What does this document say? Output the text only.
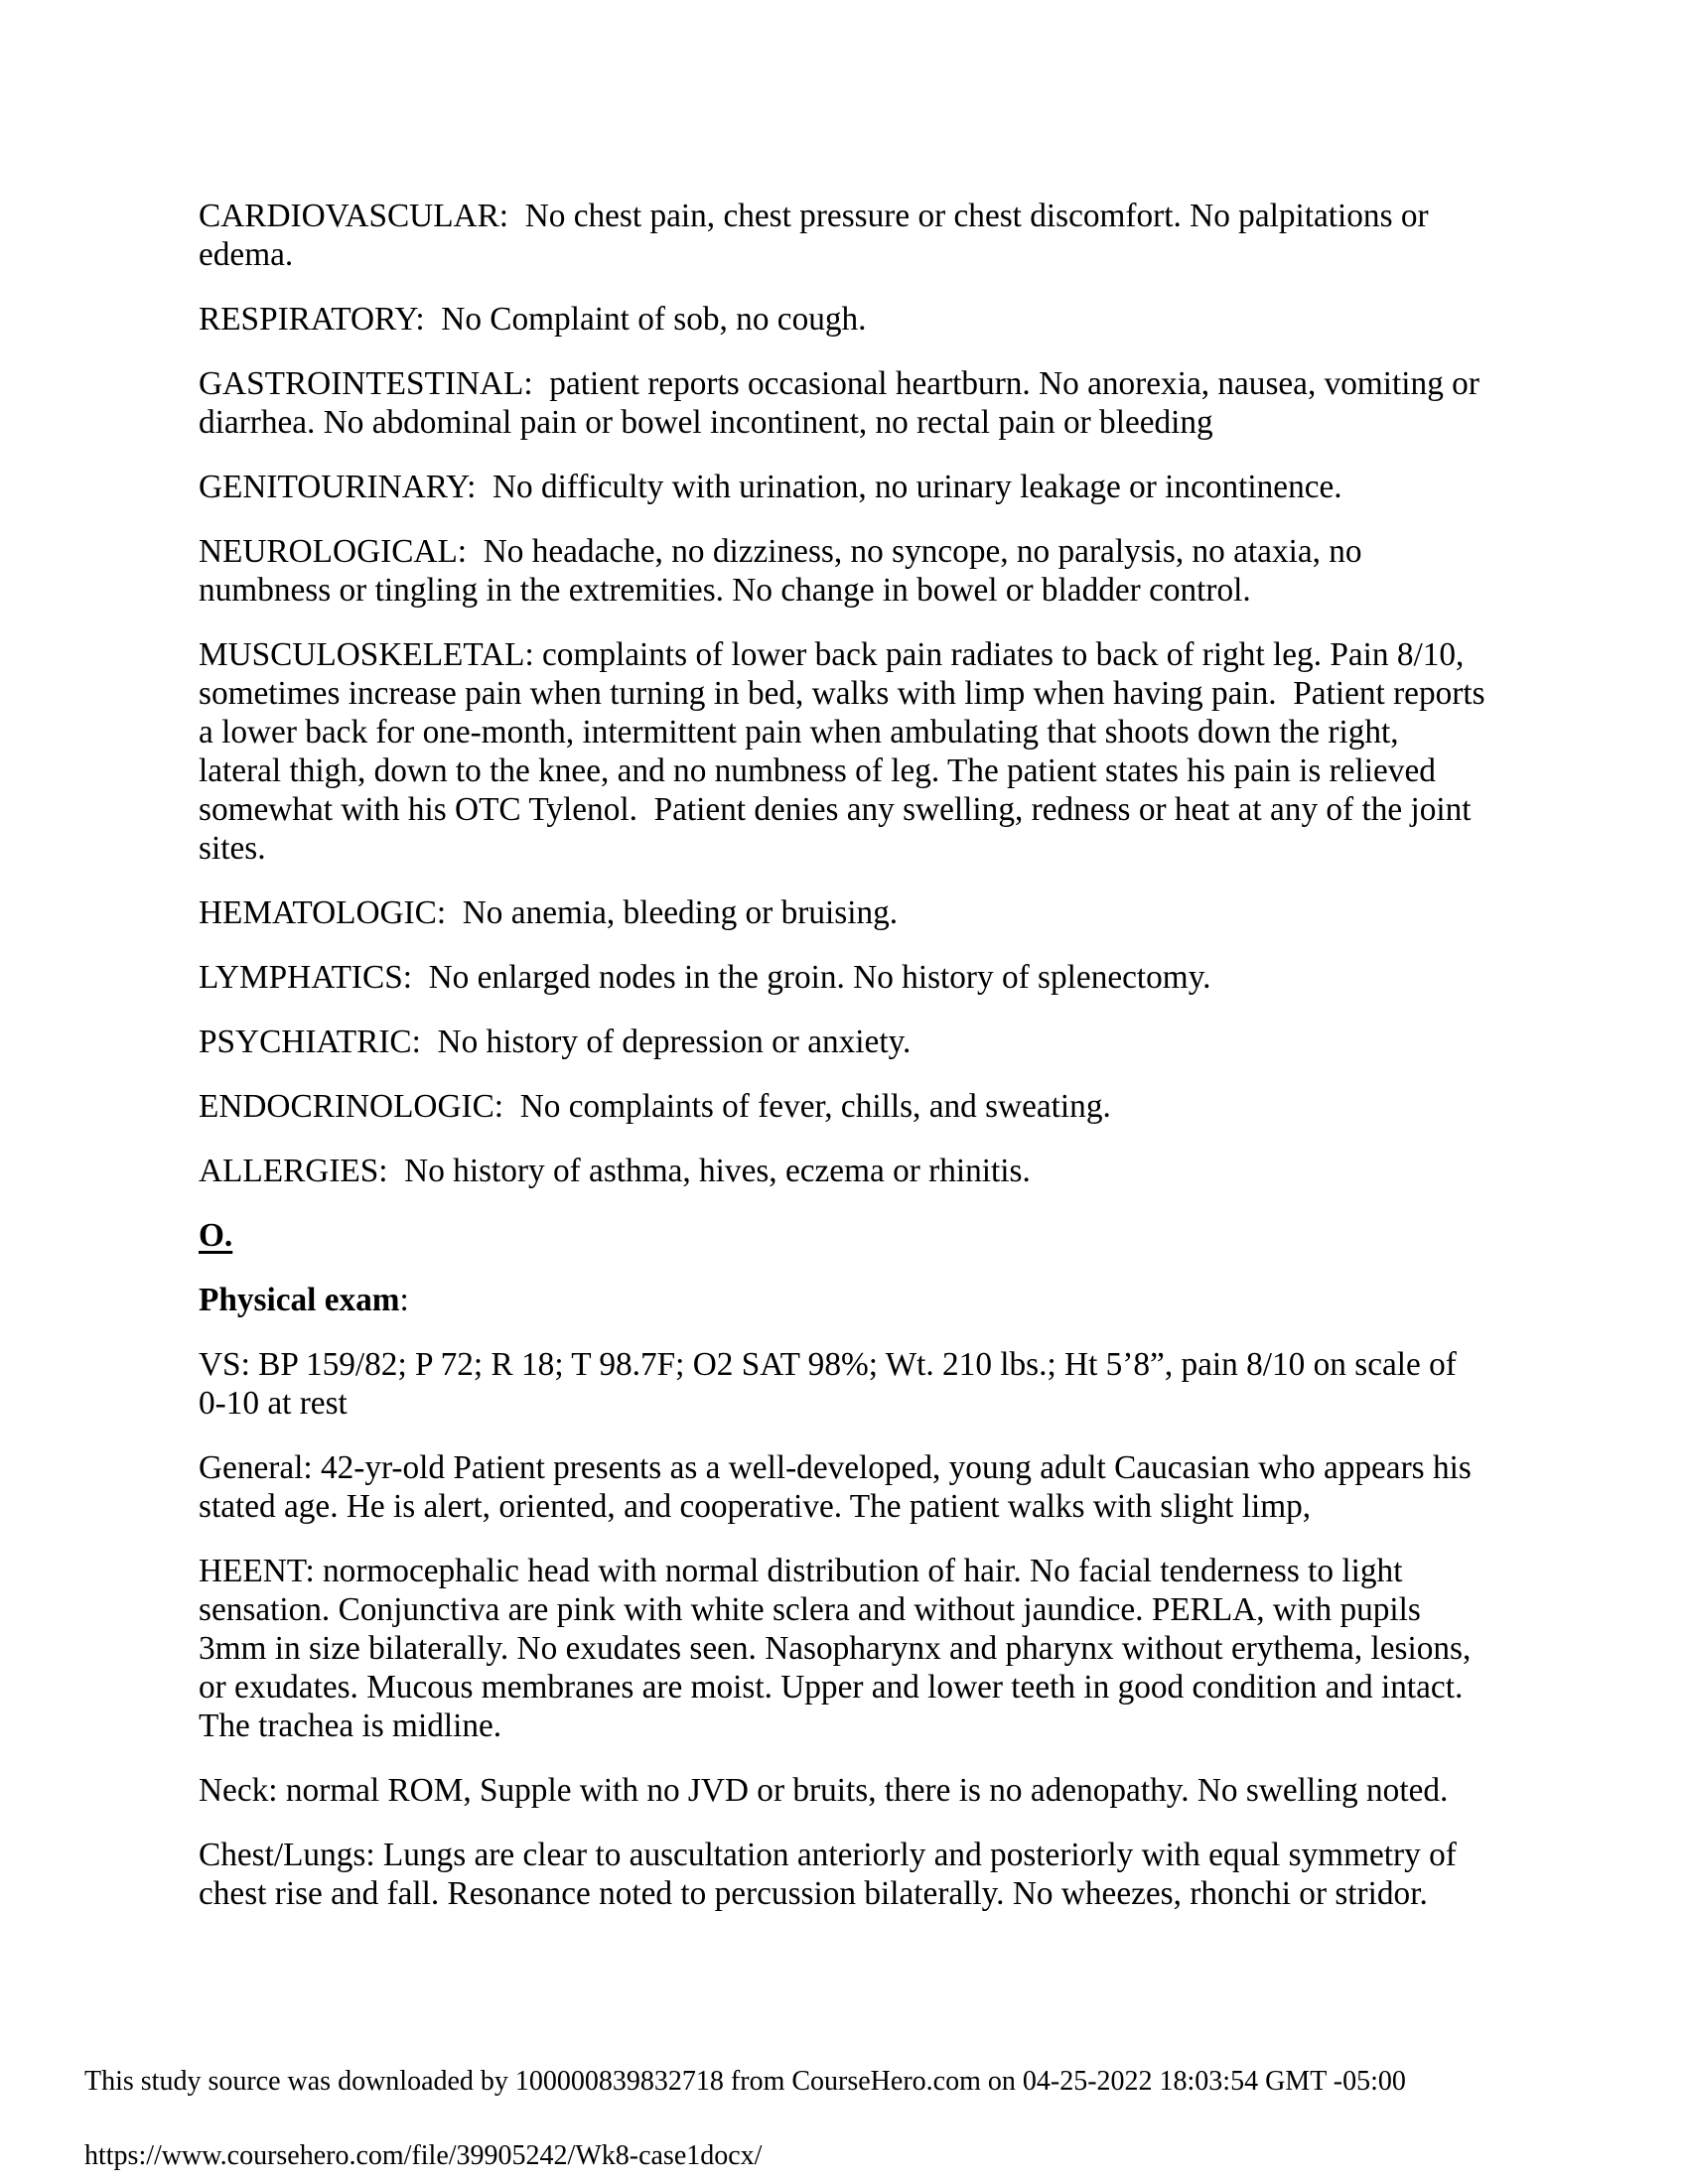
CARDIOVASCULAR:  No chest pain, chest pressure or chest discomfort. No palpitations or edema.

RESPIRATORY:  No Complaint of sob, no cough.

GASTROINTESTINAL:  patient reports occasional heartburn. No anorexia, nausea, vomiting or diarrhea. No abdominal pain or bowel incontinent, no rectal pain or bleeding

GENITOURINARY:  No difficulty with urination, no urinary leakage or incontinence.

NEUROLOGICAL:  No headache, no dizziness, no syncope, no paralysis, no ataxia, no numbness or tingling in the extremities. No change in bowel or bladder control.

MUSCULOSKELETAL: complaints of lower back pain radiates to back of right leg. Pain 8/10, sometimes increase pain when turning in bed, walks with limp when having pain.  Patient reports a lower back for one-month, intermittent pain when ambulating that shoots down the right, lateral thigh, down to the knee, and no numbness of leg. The patient states his pain is relieved somewhat with his OTC Tylenol.  Patient denies any swelling, redness or heat at any of the joint sites.

HEMATOLOGIC:  No anemia, bleeding or bruising.

LYMPHATICS:  No enlarged nodes in the groin. No history of splenectomy.

PSYCHIATRIC:  No history of depression or anxiety.

ENDOCRINOLOGIC:  No complaints of fever, chills, and sweating.

ALLERGIES:  No history of asthma, hives, eczema or rhinitis.

O.

Physical exam:

VS: BP 159/82; P 72; R 18; T 98.7F; O2 SAT 98%; Wt. 210 lbs.; Ht 5’8”, pain 8/10 on scale of 0-10 at rest

General: 42-yr-old Patient presents as a well-developed, young adult Caucasian who appears his stated age. He is alert, oriented, and cooperative. The patient walks with slight limp,

HEENT: normocephalic head with normal distribution of hair. No facial tenderness to light sensation. Conjunctiva are pink with white sclera and without jaundice. PERLA, with pupils 3mm in size bilaterally. No exudates seen. Nasopharynx and pharynx without erythema, lesions, or exudates. Mucous membranes are moist. Upper and lower teeth in good condition and intact. The trachea is midline.

Neck: normal ROM, Supple with no JVD or bruits, there is no adenopathy. No swelling noted.

Chest/Lungs: Lungs are clear to auscultation anteriorly and posteriorly with equal symmetry of chest rise and fall. Resonance noted to percussion bilaterally. No wheezes, rhonchi or stridor.

This study source was downloaded by 100000839832718 from CourseHero.com on 04-25-2022 18:03:54 GMT -05:00
https://www.coursehero.com/file/39905242/Wk8-case1docx/
